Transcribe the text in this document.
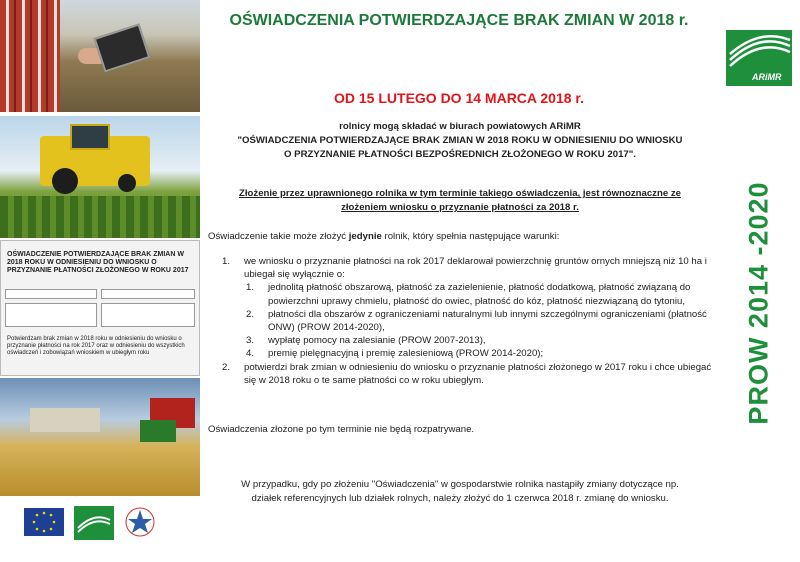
OŚWIADCZENIE POTWIERDZAJĄCE BRAK ZMIAN W 2018 ROKU W ODNIESIENIU DO WNIOSKU O PRZYZNANIE PŁATNOŚCI ZŁOŻONEGO W ROKU 2017
Potwierdzam brak zmian w 2018 roku w odniesieniu do wniosku o przyznanie płatności na rok 2017 oraz w odniesieniu do wszystkich oświadczeń i zobowiązań wnioskiem w ubiegłym roku
OŚWIADCZENIA POTWIERDZAJĄCE BRAK ZMIAN W 2018 r.
OD 15 LUTEGO DO 14 MARCA 2018 r.
rolnicy mogą składać w biurach powiatowych ARiMR
"OŚWIADCZENIA POTWIERDZAJĄCE BRAK ZMIAN W 2018 ROKU W ODNIESIENIU DO WNIOSKU
O PRZYZNANIE PŁATNOŚCI BEZPOŚREDNICH ZŁOŻONEGO W ROKU 2017".
Złożenie przez uprawnionego rolnika w tym terminie takiego oświadczenia, jest równoznaczne ze
złożeniem wniosku o przyznanie płatności za 2018 r.
Oświadczenie takie może złożyć jedynie rolnik, który spełnia następujące warunki:
1. we wniosku o przyznanie płatności na rok 2017 deklarował powierzchnię gruntów ornych mniejszą niż 10 ha i ubiegał się wyłącznie o:
1. jednolitą płatność obszarową, płatność za zazielenienie, płatność dodatkową, płatność związaną do powierzchni uprawy chmielu, płatność do owiec, płatność do kóz, płatność niezwiązaną do tytoniu,
2. płatności dla obszarów z ograniczeniami naturalnymi lub innymi szczególnymi ograniczeniami (płatność ONW) (PROW 2014-2020),
3. wypłatę pomocy na zalesianie (PROW 2007-2013),
4. premię pielęgnacyjną i premię zalesieniową (PROW 2014-2020);
2. potwierdzi brak zmian w odniesieniu do wniosku o przyznanie płatności złożonego w 2017 roku i chce ubiegać się w 2018 roku o te same płatności co w roku ubiegłym.
Oświadczenia złożone po tym terminie nie będą rozpatrywane.
W przypadku, gdy po złożeniu "Oświadczenia" w gospodarstwie rolnika nastąpiły zmiany dotyczące np.
działek referencyjnych lub działek rolnych, należy złożyć do 1 czerwca 2018 r. zmianę do wniosku.
ARiMR
PROW 2014 -2020
